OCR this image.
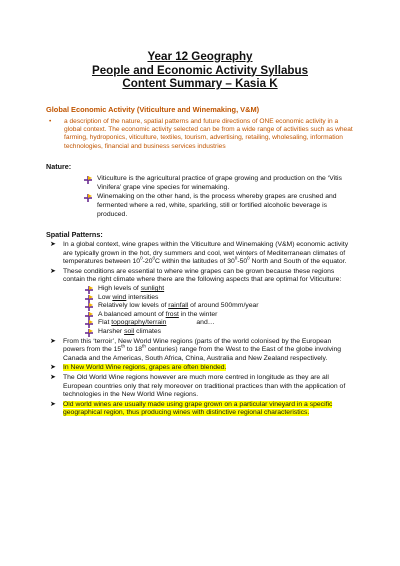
Year 12 Geography
People and Economic Activity Syllabus
Content Summary – Kasia K
Global Economic Activity (Viticulture and Winemaking, V&M)
• a description of the nature, spatial patterns and future directions of ONE economic activity in a global context. The economic activity selected can be from a wide range of activities such as wheat farming, hydroponics, viticulture, textiles, tourism, advertising, retailing, wholesaling, information technologies, financial and business services industries
Nature:
Viticulture is the agricultural practice of grape growing and production on the ‘Vitis Vinifera’ grape vine species for winemaking.
Winemaking on the other hand, is the process whereby grapes are crushed and fermented where a red, white, sparkling, still or fortified alcoholic beverage is produced.
Spatial Patterns:
➤ In a global context, wine grapes within the Viticulture and Winemaking (V&M) economic activity are typically grown in the hot, dry summers and cool, wet winters of Mediterranean climates of temperatures between $10^0-20^0C$ within the latitudes of $30^0-50^0$ North and South of the equator.
➤ These conditions are essential to where wine grapes can be grown because these regions contain the right climate where there are the following aspects that are optimal for Viticulture:
High levels of sunlight
Low wind intensities
Relatively low levels of rainfall of around 500mm/year
A balanced amount of frost in the winter
Flat topography/terrain	and…
Harsher soil climates
➤ From this ‘terroir’, New World Wine regions (parts of the world colonised by the European powers from the 15th to 18th centuries) range from the West to the East of the globe involving Canada and the Americas, South Africa, China, Australia and New Zealand respectively.
➤ In New World Wine regions, grapes are often blended.
➤ The Old World Wine regions however are much more centred in longitude as they are all European countries only that rely moreover on traditional practices than with the application of technologies in the New World Wine regions.
➤ Old world wines are usually made using grape grown on a particular vineyard in a specific geographical region, thus producing wines with distinctive regional characteristics.
